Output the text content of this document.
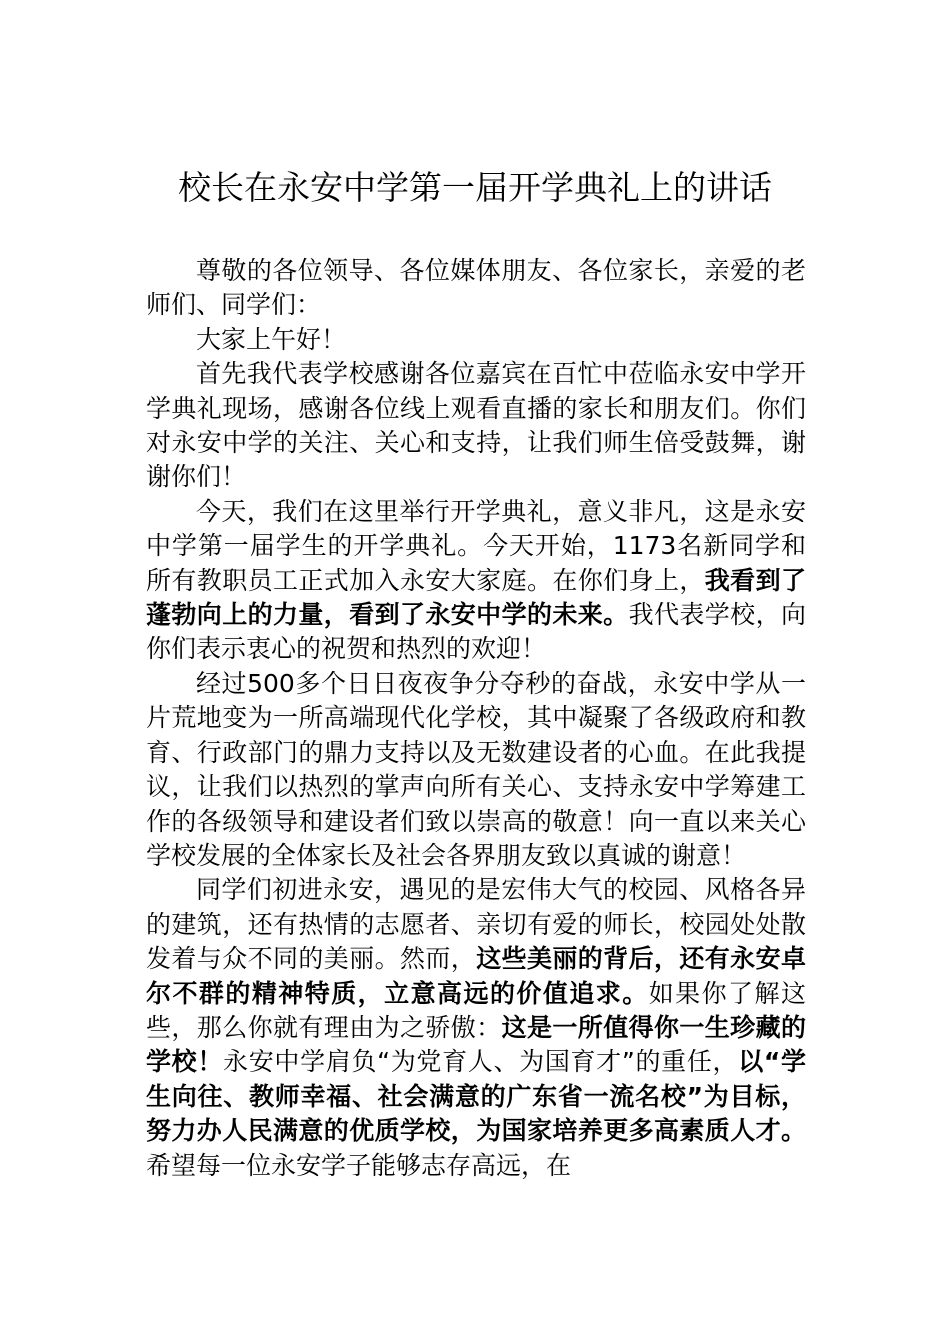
校长在永安中学第一届开学典礼上的讲话

尊敬的各位领导、各位媒体朋友、各位家长，亲爱的老师们、同学们：

大家上午好！

首先我代表学校感谢各位嘉宾在百忙中莅临永安中学开学典礼现场，感谢各位线上观看直播的家长和朋友们。你们对永安中学的关注、关心和支持，让我们师生倍受鼓舞，谢谢你们！

今天，我们在这里举行开学典礼，意义非凡，这是永安中学第一届学生的开学典礼。今天开始，1173名新同学和所有教职员工正式加入永安大家庭。在你们身上，我看到了蓬勃向上的力量，看到了永安中学的未来。我代表学校，向你们表示衷心的祝贺和热烈的欢迎！

经过500多个日日夜夜争分夺秒的奋战，永安中学从一片荒地变为一所高端现代化学校，其中凝聚了各级政府和教育、行政部门的鼎力支持以及无数建设者的心血。在此我提议，让我们以热烈的掌声向所有关心、支持永安中学筹建工作的各级领导和建设者们致以崇高的敬意！向一直以来关心学校发展的全体家长及社会各界朋友致以真诚的谢意！

同学们初进永安，遇见的是宏伟大气的校园、风格各异的建筑，还有热情的志愿者、亲切有爱的师长，校园处处散发着与众不同的美丽。然而，这些美丽的背后，还有永安卓尔不群的精神特质，立意高远的价值追求。如果你了解这些，那么你就有理由为之骄傲：这是一所值得你一生珍藏的学校！永安中学肩负“为党育人、为国育才”的重任，以“学生向往、教师幸福、社会满意的广东省一流名校”为目标，努力办人民满意的优质学校，为国家培养更多高素质人才。希望每一位永安学子能够志存高远，在
